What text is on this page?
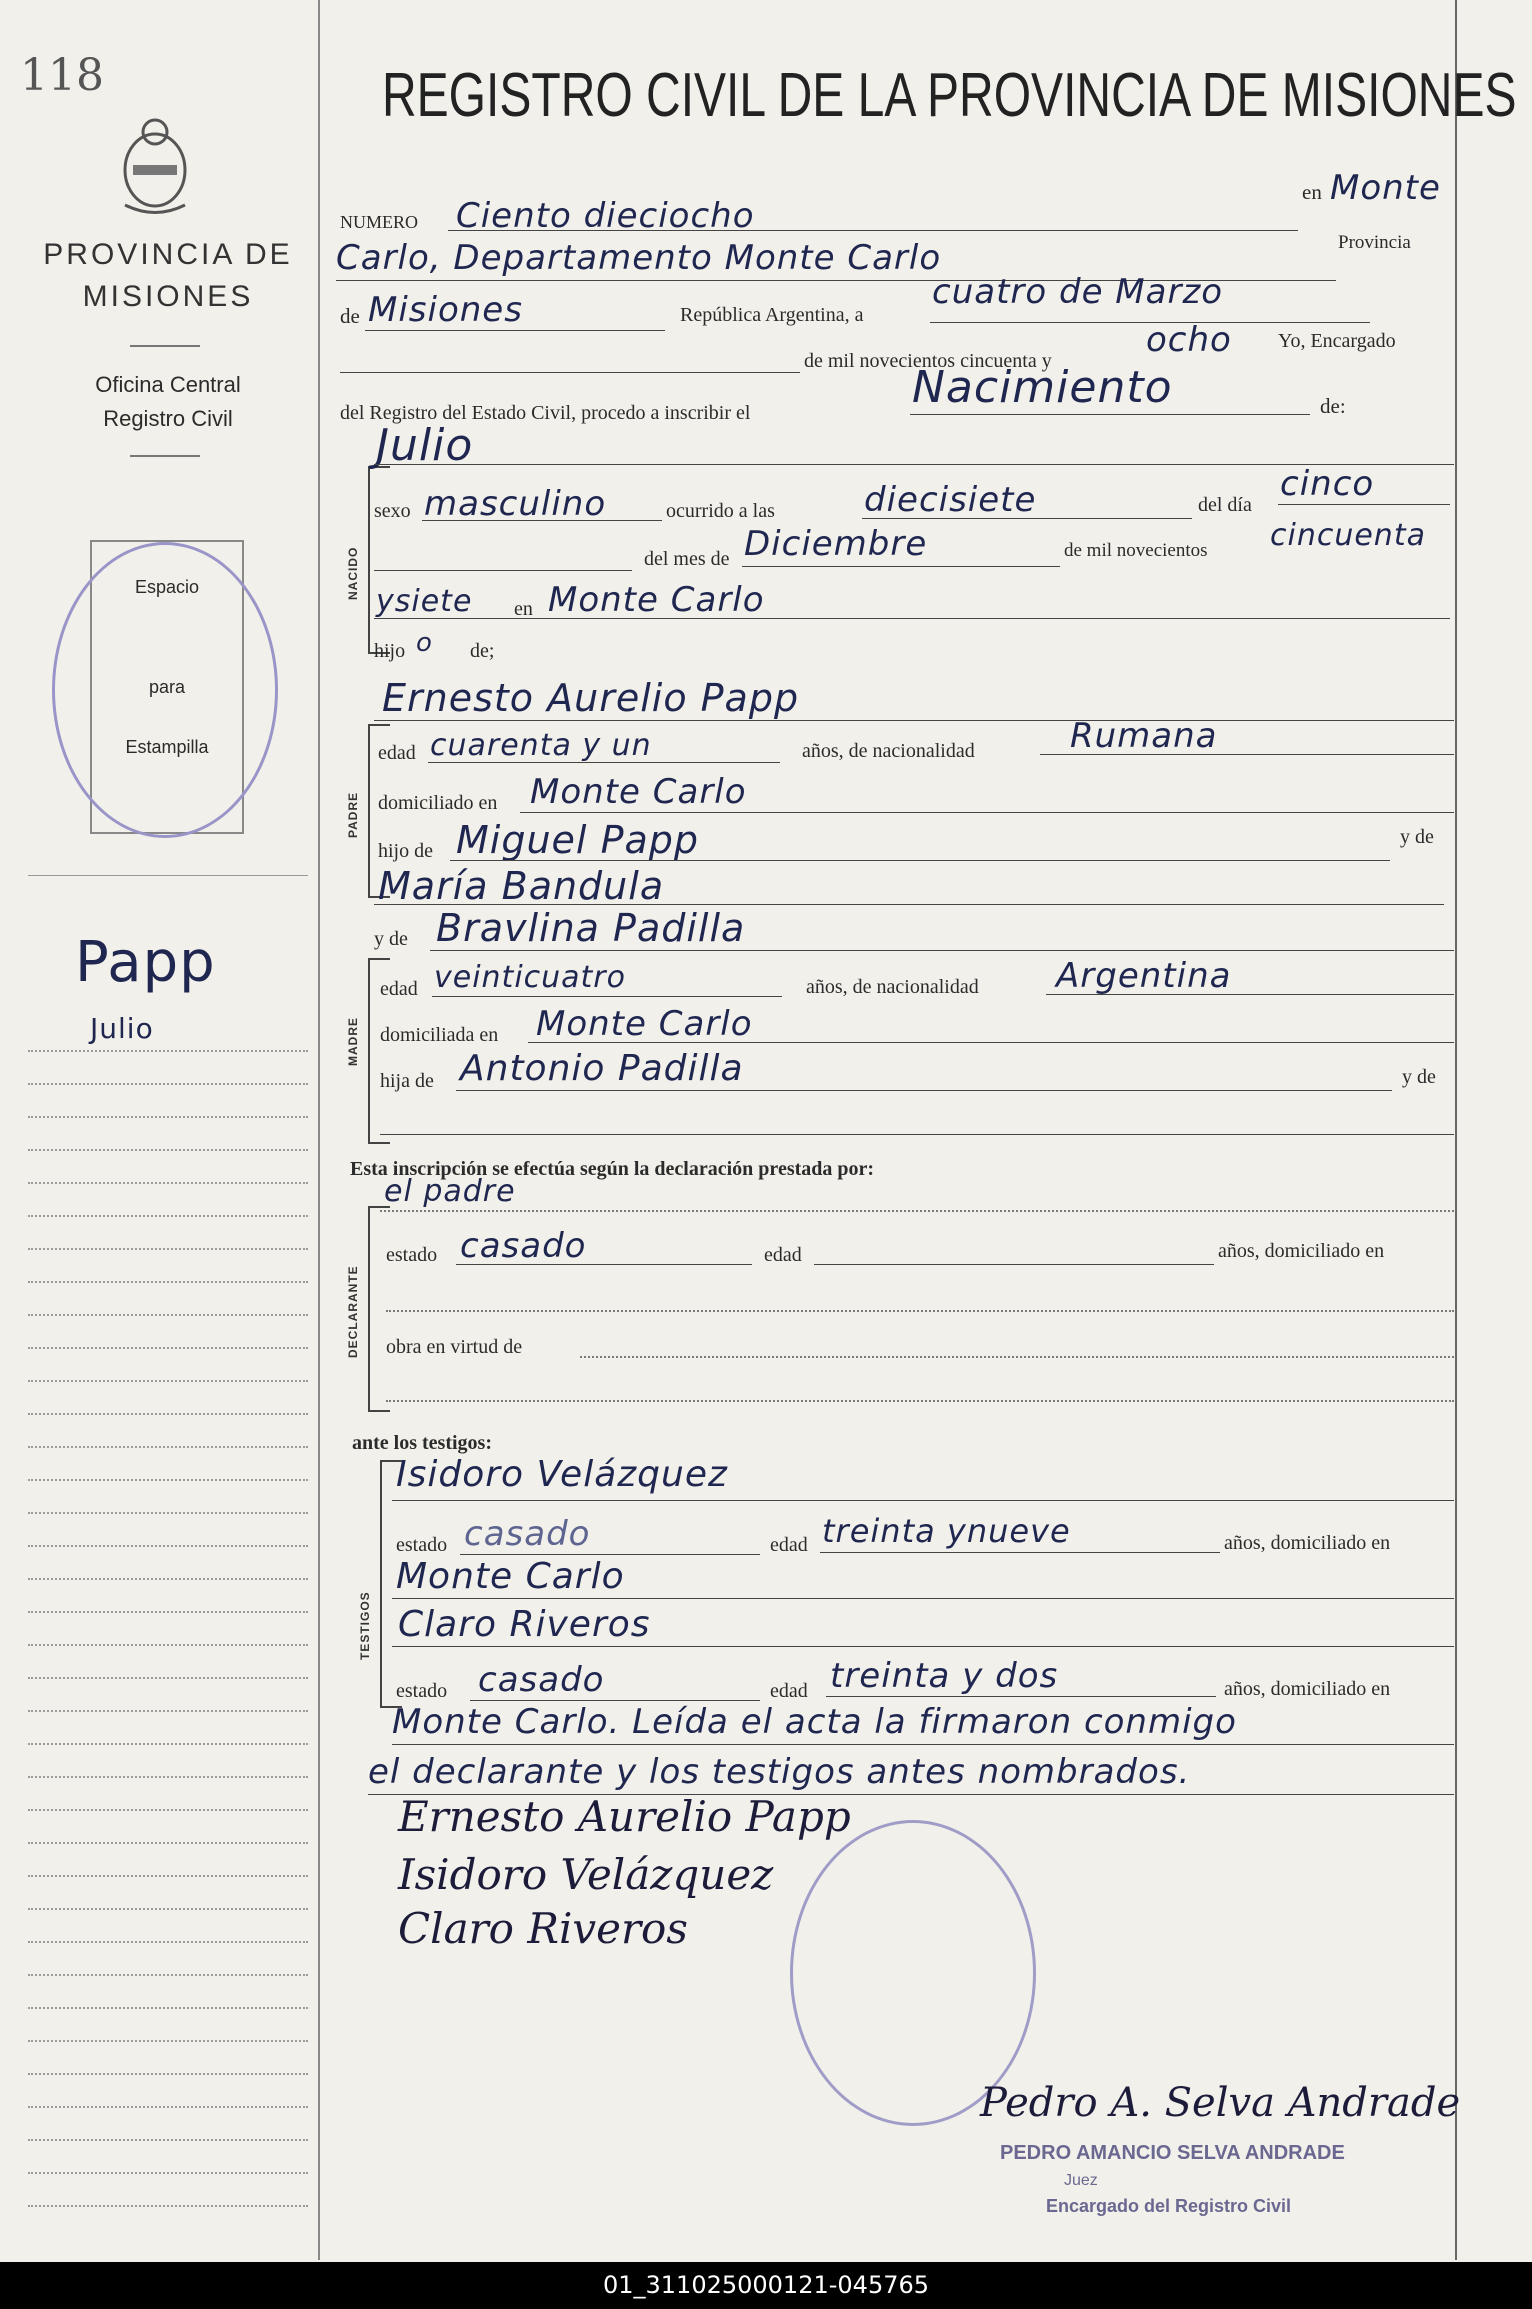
118
PROVINCIA DE
MISIONES
Oficina Central
Registro Civil
Espacio
para
Estampilla
Papp
Julio
REGISTRO CIVIL DE LA PROVINCIA DE MISIONES
NUMERO Ciento dieciocho
en Monte
Carlo, Departamento Monte Carlo	Provincia
de Misiones	República Argentina, a
cuatro de Marzo
de mil novecientos cincuenta y
ocho Yo, Encargado
del Registro del Estado Civil, procedo a inscribir el	Nacimiento	de:
NACIDO
Julio
sexo masculino	ocurrido a las	diecisiete	del día
cinco
del mes de Diciembre	de mil novecientos cincuenta
ysiete en Monte Carlo
hijo o de;
PADRE
Ernesto Aurelio Papp
edad cuarenta y un	años, de nacionalidad	Rumana
domiciliado en Monte Carlo
hijo de Miguel Papp	y de
María Bandula
MADRE
y de Bravlina Padilla
edad veinticuatro	años, de nacionalidad Argentina
domiciliada en Monte Carlo
hija de Antonio Padilla	y de
Esta inscripción se efectúa según la declaración prestada por:
DECLARANTE
el padre
estado casado	edad	años, domiciliado en
obra en virtud de
ante los testigos:
TESTIGOS
Isidoro Velázquez
estado casado	edad treinta ynueve	años, domiciliado en
Monte Carlo
Claro Riveros
estado casado	edad treinta y dos	años, domiciliado en
Monte Carlo. Leída el acta la firmaron conmigo
el declarante y los testigos antes nombrados.
Ernesto Aurelio Papp
Isidoro Velázquez
Claro Riveros
Pedro A. Selva Andrade
PEDRO AMANCIO SELVA ANDRADE
Juez
Encargado del Registro Civil
01_311025000121-045765
